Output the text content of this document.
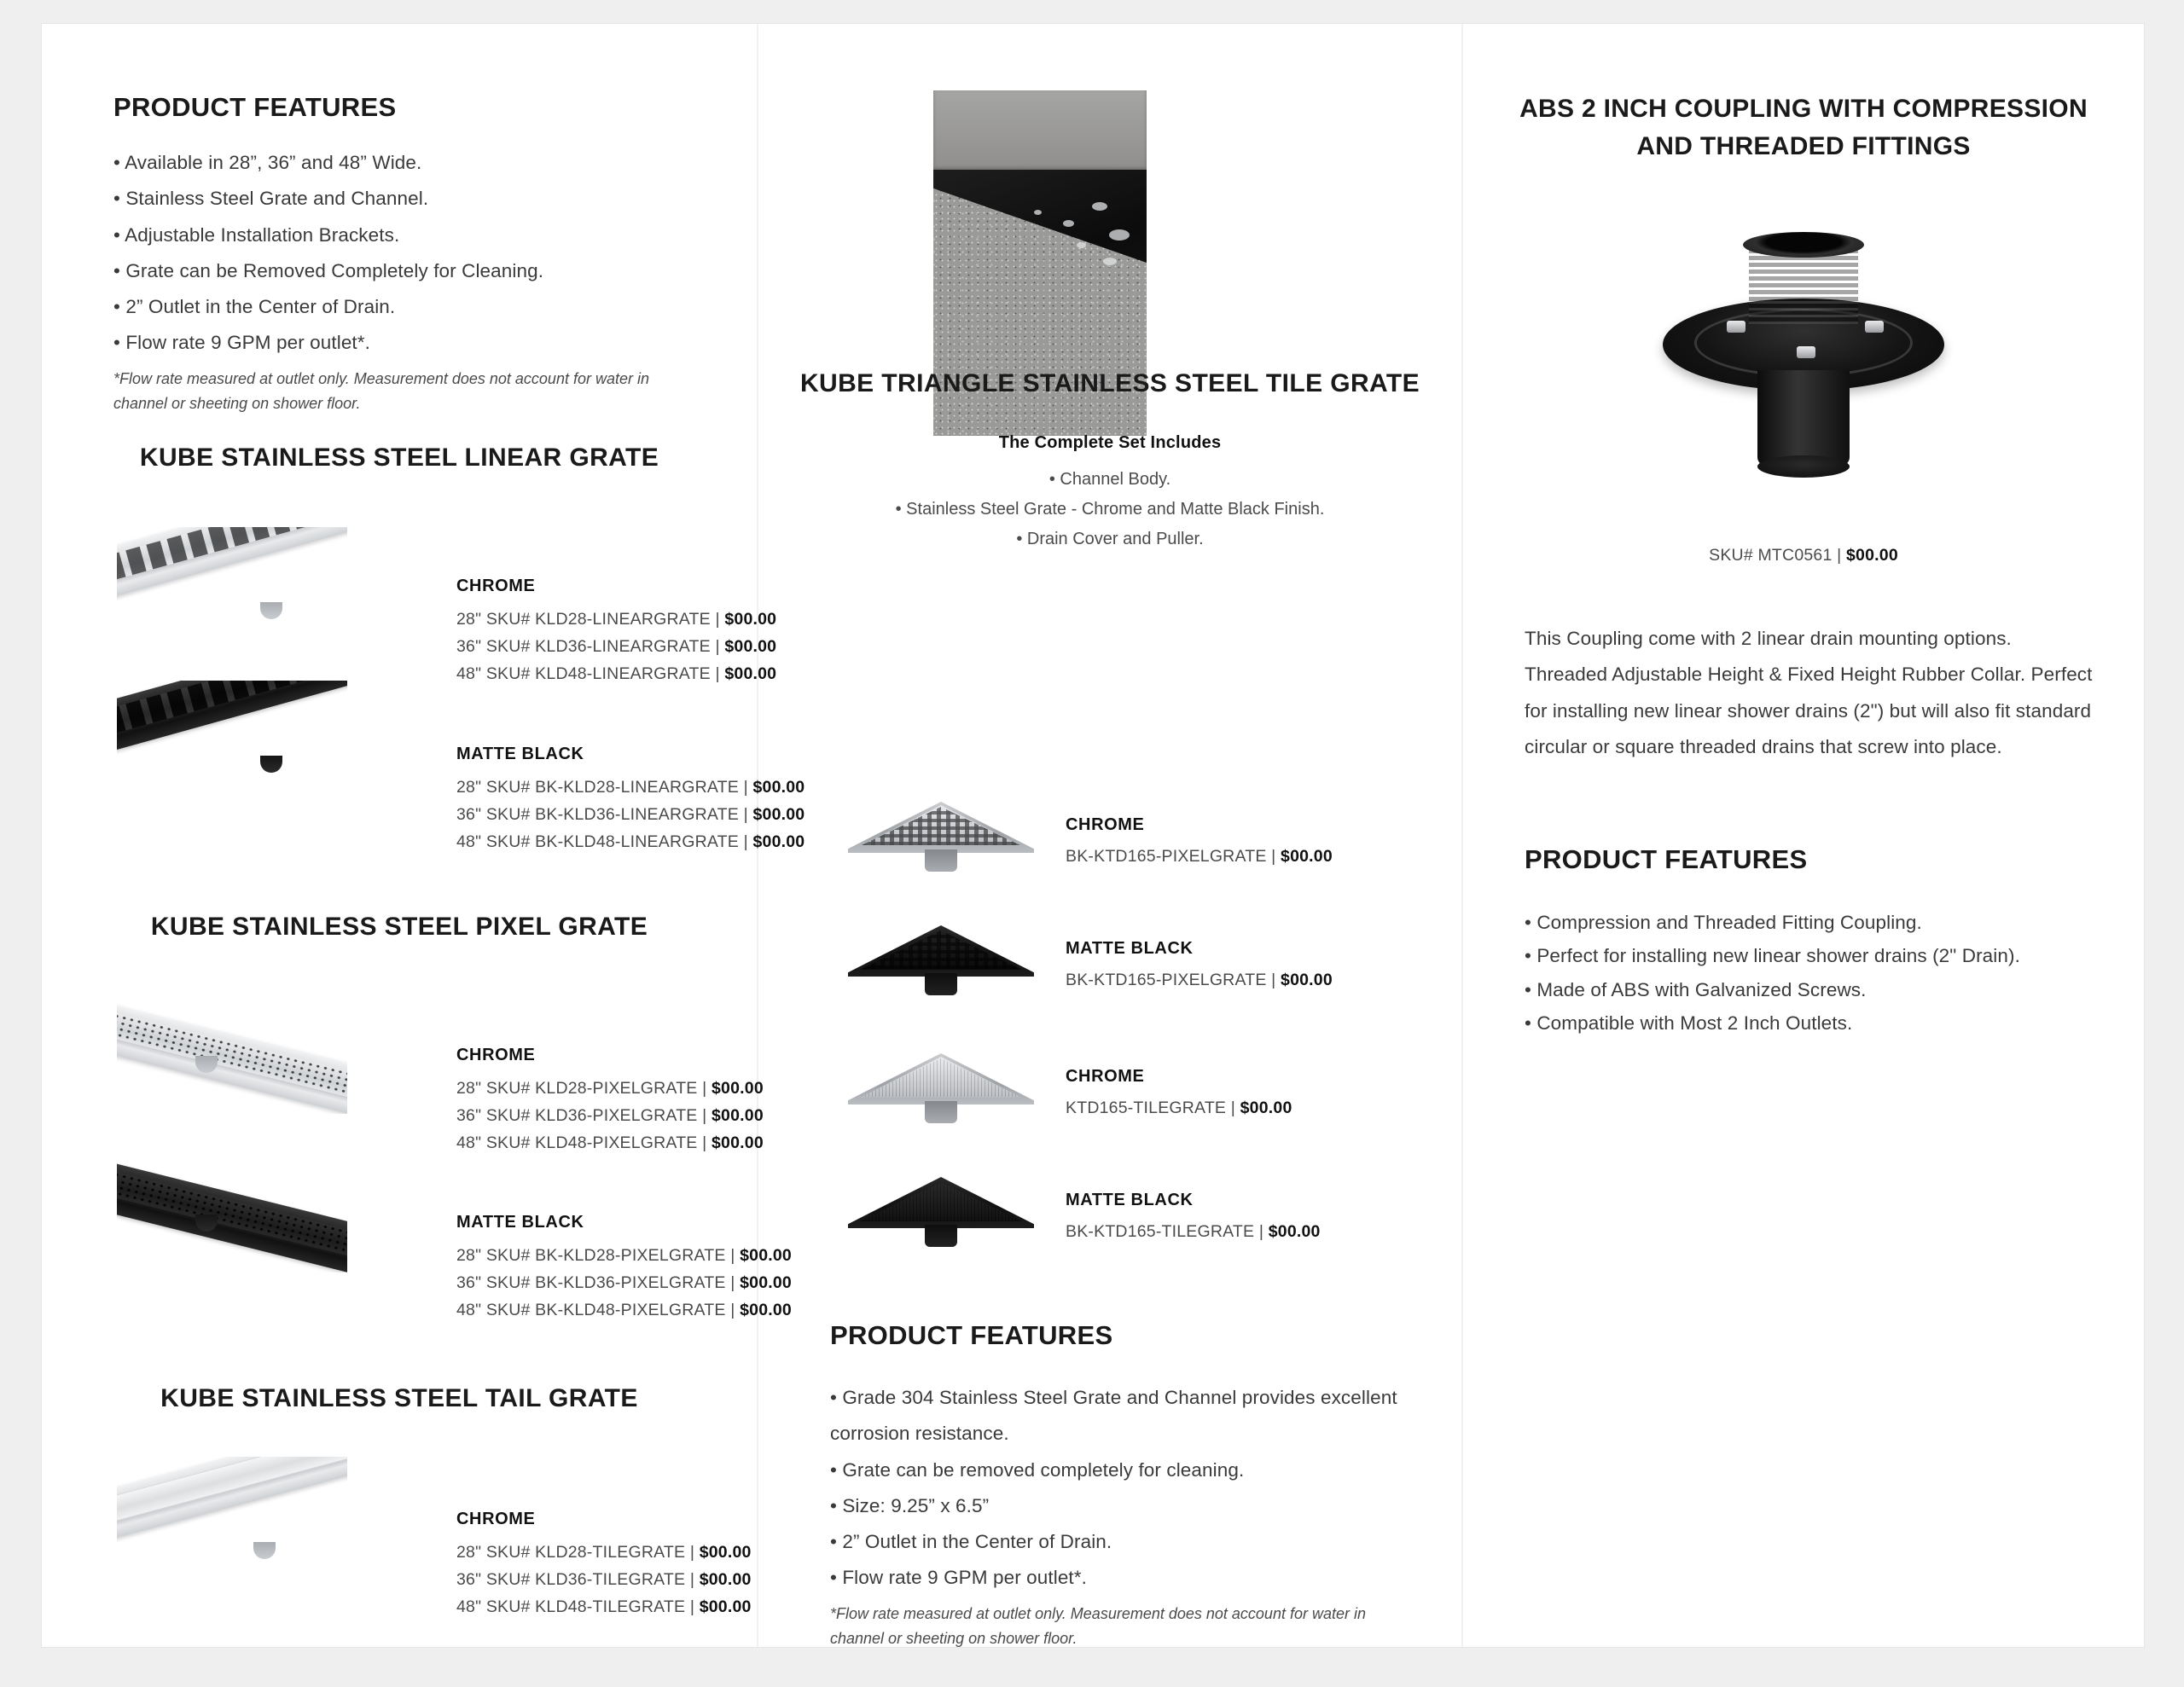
PRODUCT FEATURES
• Available in 28”, 36” and 48” Wide.
• Stainless Steel Grate and Channel.
• Adjustable Installation Brackets.
• Grate can be Removed Completely for Cleaning.
• 2” Outlet in the Center of Drain.
• Flow rate 9 GPM per outlet*.
*Flow rate measured at outlet only. Measurement does not account for water in channel or sheeting on shower floor.
KUBE STAINLESS STEEL LINEAR GRATE
CHROME
28" SKU# KLD28-LINEARGRATE | $00.00
36" SKU# KLD36-LINEARGRATE | $00.00
48" SKU# KLD48-LINEARGRATE | $00.00
MATTE BLACK
28" SKU# BK-KLD28-LINEARGRATE | $00.00
36" SKU# BK-KLD36-LINEARGRATE | $00.00
48" SKU# BK-KLD48-LINEARGRATE | $00.00
KUBE STAINLESS STEEL PIXEL GRATE
CHROME
28" SKU# KLD28-PIXELGRATE | $00.00
36" SKU# KLD36-PIXELGRATE | $00.00
48" SKU# KLD48-PIXELGRATE | $00.00
MATTE BLACK
28" SKU# BK-KLD28-PIXELGRATE | $00.00
36" SKU# BK-KLD36-PIXELGRATE | $00.00
48" SKU# BK-KLD48-PIXELGRATE | $00.00
KUBE STAINLESS STEEL TAIL GRATE
CHROME
28" SKU# KLD28-TILEGRATE | $00.00
36" SKU# KLD36-TILEGRATE | $00.00
48" SKU# KLD48-TILEGRATE | $00.00
KUBE TRIANGLE STAINLESS STEEL TILE GRATE
The Complete Set Includes
• Channel Body.
• Stainless Steel Grate - Chrome and Matte Black Finish.
• Drain Cover and Puller.
CHROME
BK-KTD165-PIXELGRATE | $00.00
MATTE BLACK
BK-KTD165-PIXELGRATE | $00.00
CHROME
KTD165-TILEGRATE | $00.00
MATTE BLACK
BK-KTD165-TILEGRATE | $00.00
PRODUCT FEATURES
• Grade 304 Stainless Steel Grate and Channel provides excellent corrosion resistance.
• Grate can be removed completely for cleaning.
• Size: 9.25” x 6.5”
• 2” Outlet in the Center of Drain.
• Flow rate 9 GPM per outlet*.
*Flow rate measured at outlet only. Measurement does not account for water in channel or sheeting on shower floor.
ABS 2 INCH COUPLING WITH COMPRESSION AND THREADED FITTINGS
SKU# MTC0561 | $00.00
This Coupling come with 2 linear drain mounting options. Threaded Adjustable Height & Fixed Height Rubber Collar. Perfect for installing new linear shower drains (2") but will also fit standard circular or square threaded drains that screw into place.
PRODUCT FEATURES
• Compression and Threaded Fitting Coupling.
• Perfect for installing new linear shower drains (2" Drain).
• Made of ABS with Galvanized Screws.
• Compatible with Most 2 Inch Outlets.
